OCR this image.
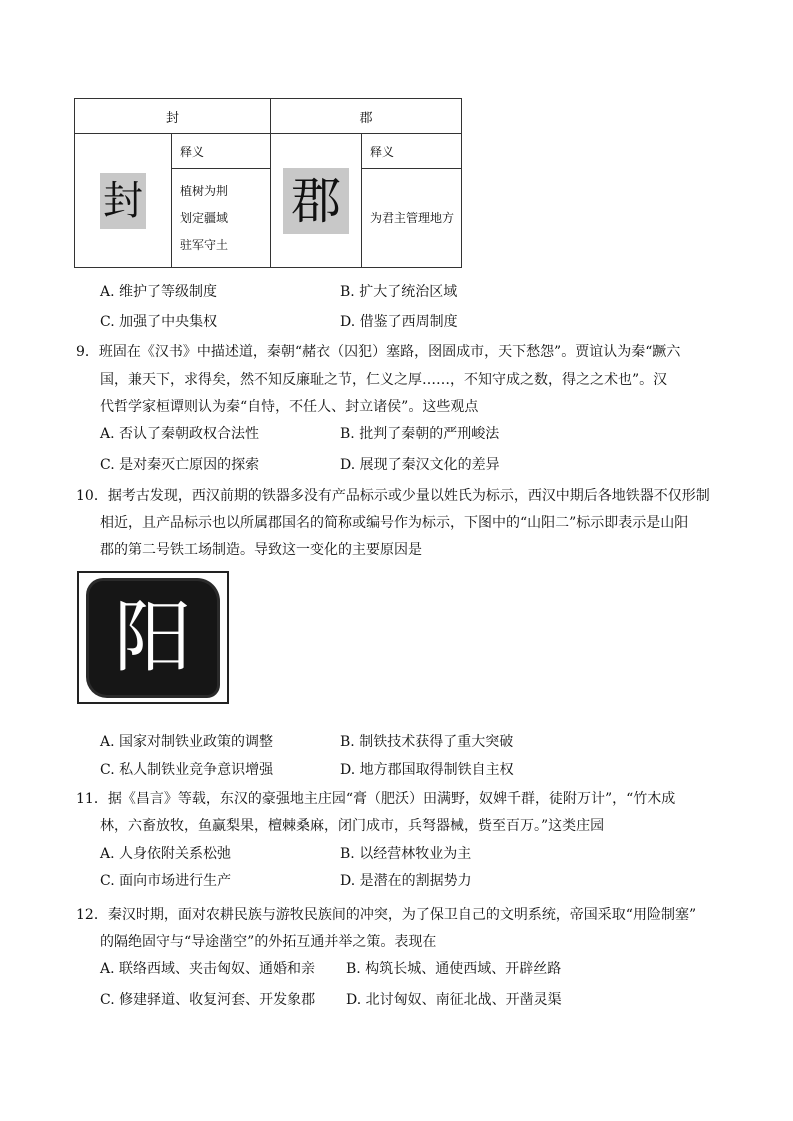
封		郡	
封	释义	郡	释义

	植树为㓝
划定疆域
驻军守土		为君主管理地方
A. 维护了等级制度	B. 扩大了统治区域
C. 加强了中央集权	D. 借鉴了西周制度
9．班固在《汉书》中描述道，秦朝“赭衣（囚犯）塞路，囹圄成市，天下愁怨”。贾谊认为秦“蹶六
国，兼天下，求得矣，然不知反廉耻之节，仁义之厚……，不知守成之数，得之之术也”。汉
代哲学家桓谭则认为秦“自恃，不任人、封立诸侯”。这些观点
A. 否认了秦朝政权合法性	B. 批判了秦朝的严刑峻法
C. 是对秦灭亡原因的探索	D. 展现了秦汉文化的差异
10．据考古发现，西汉前期的铁器多没有产品标示或少量以姓氏为标示，西汉中期后各地铁器不仅形制
相近，且产品标示也以所属郡国名的简称或编号作为标示，下图中的“山阳二”标示即表示是山阳
郡的第二号铁工场制造。导致这一变化的主要原因是
阳
A. 国家对制铁业政策的调整	B. 制铁技术获得了重大突破
C. 私人制铁业竞争意识增强	D. 地方郡国取得制铁自主权
11．据《昌言》等载，东汉的豪强地主庄园“膏（肥沃）田满野，奴婢千群，徒附万计”，“竹木成
林，六畜放牧，鱼赢梨果，檀棘桑麻，闭门成市，兵弩器械，赀至百万。”这类庄园
A. 人身依附关系松弛	B. 以经营林牧业为主
C. 面向市场进行生产	D. 是潜在的割据势力
12．秦汉时期，面对农耕民族与游牧民族间的冲突，为了保卫自己的文明系统，帝国采取“用险制塞”
的隔绝固守与“导途凿空”的外拓互通并举之策。表现在
A. 联络西域、夹击匈奴、通婚和亲 B. 构筑长城、通使西域、开辟丝路
C. 修建驿道、收复河套、开发象郡 D. 北讨匈奴、南征北战、开凿灵渠
